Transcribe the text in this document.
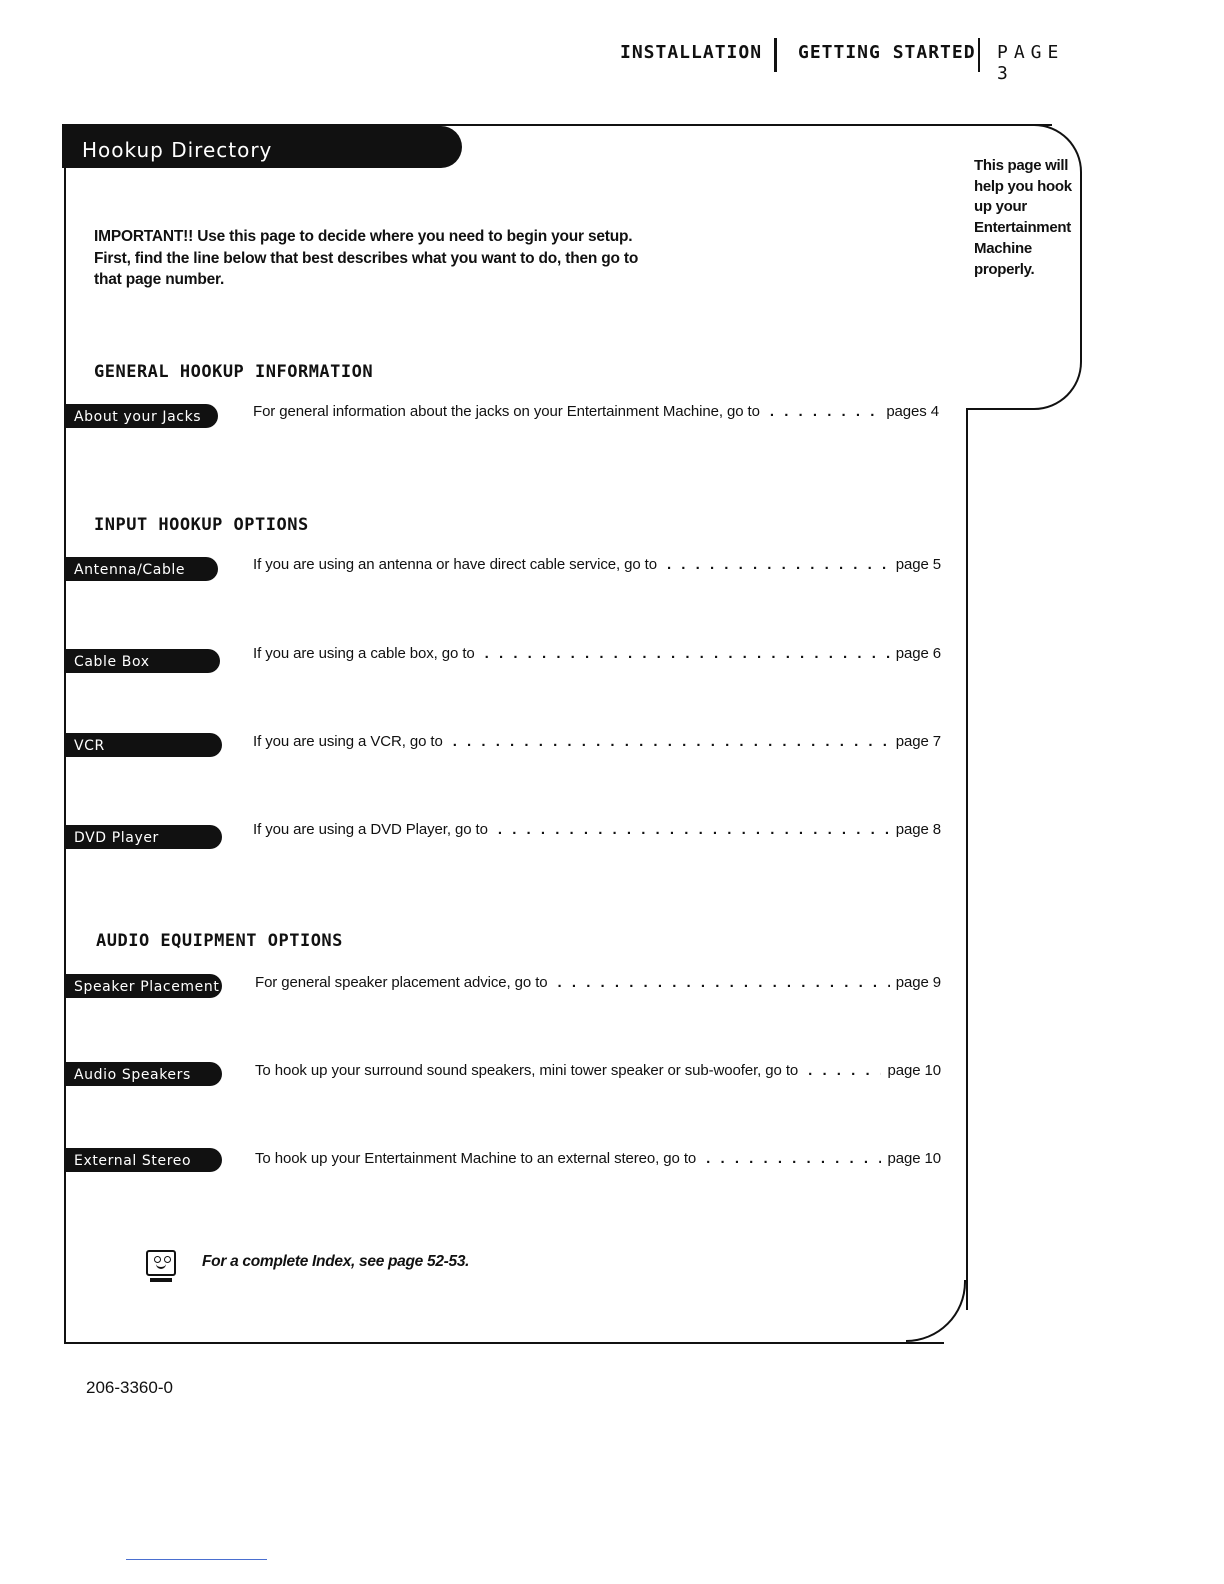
INSTALLATION GETTING STARTED PAGE 3
Hookup Directory
This page will help you hook up your Entertainment Machine properly.

IMPORTANT!! Use this page to decide where you need to begin your setup.

First, find the line below that best describes what you want to do, then go to

that page number.

GENERAL HOOKUP INFORMATION
About your Jacks	For general information about the jacks on your Entertainment Machine, go to . . .	pages 4
INPUT HOOKUP OPTIONS
Antenna/Cable	If you are using an antenna or have direct cable service, go to . . .	page 5
Cable Box	If you are using a cable box, go to . . .	page 6
VCR	If you are using a VCR, go to . . .	page 7
DVD Player	If you are using a DVD Player, go to . . .	page 8
AUDIO EQUIPMENT OPTIONS
Speaker Placement For general speaker placement advice, go to . . .	page 9
Audio Speakers	To hook up your surround sound speakers, mini tower speaker or sub-woofer, go to . . .	page 10
External Stereo	To hook up your Entertainment Machine to an external stereo, go to . . .	page 10
For a complete Index, see page 52-53.
206-3360-0
